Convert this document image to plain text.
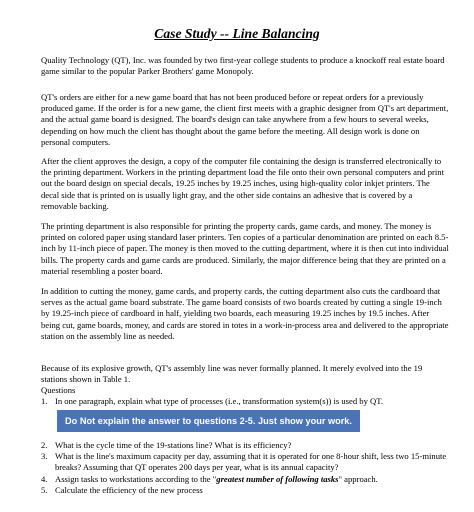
Case Study -- Line Balancing

Quality Technology (QT), Inc. was founded by two first-year college students to produce a knockoff real estate board game similar to the popular Parker Brothers' game Monopoly.

QT's orders are either for a new game board that has not been produced before or repeat orders for a previously produced game. If the order is for a new game, the client first meets with a graphic designer from QT's art department, and the actual game board is designed. The board's design can take anywhere from a few hours to several weeks, depending on how much the client has thought about the game before the meeting. All design work is done on personal computers.

After the client approves the design, a copy of the computer file containing the design is transferred electronically to the printing department. Workers in the printing department load the file onto their own personal computers and print out the board design on special decals, 19.25 inches by 19.25 inches, using high-quality color inkjet printers. The decal side that is printed on is usually light gray, and the other side contains an adhesive that is covered by a removable backing.

The printing department is also responsible for printing the property cards, game cards, and money. The money is printed on colored paper using standard laser printers. Ten copies of a particular denomination are printed on each 8.5-inch by 11-inch piece of paper. The money is then moved to the cutting department, where it is then cut into individual bills. The property cards and game cards are produced. Similarly, the major difference being that they are printed on a material resembling a poster board.

In addition to cutting the money, game cards, and property cards, the cutting department also cuts the cardboard that serves as the actual game board substrate. The game board consists of two boards created by cutting a single 19-inch by 19.25-inch piece of cardboard in half, yielding two boards, each measuring 19.25 inches by 19.5 inches. After being cut, game boards, money, and cards are stored in totes in a work-in-process area and delivered to the appropriate station on the assembly line as needed.

Because of its explosive growth, QT's assembly line was never formally planned. It merely evolved into the 19 stations shown in Table 1.

Questions

1. In one paragraph, explain what type of processes (i.e., transformation system(s)) is used by QT.
Do Not explain the answer to questions 2-5. Just show your work.
2. What is the cycle time of the 19-stations line? What is its efficiency?
3. What is the line's maximum capacity per day, assuming that it is operated for one 8-hour shift, less two 15-minute breaks? Assuming that QT operates 200 days per year, what is its annual capacity?
4. Assign tasks to workstations according to the "greatest number of following tasks" approach.
5. Calculate the efficiency of the new process
